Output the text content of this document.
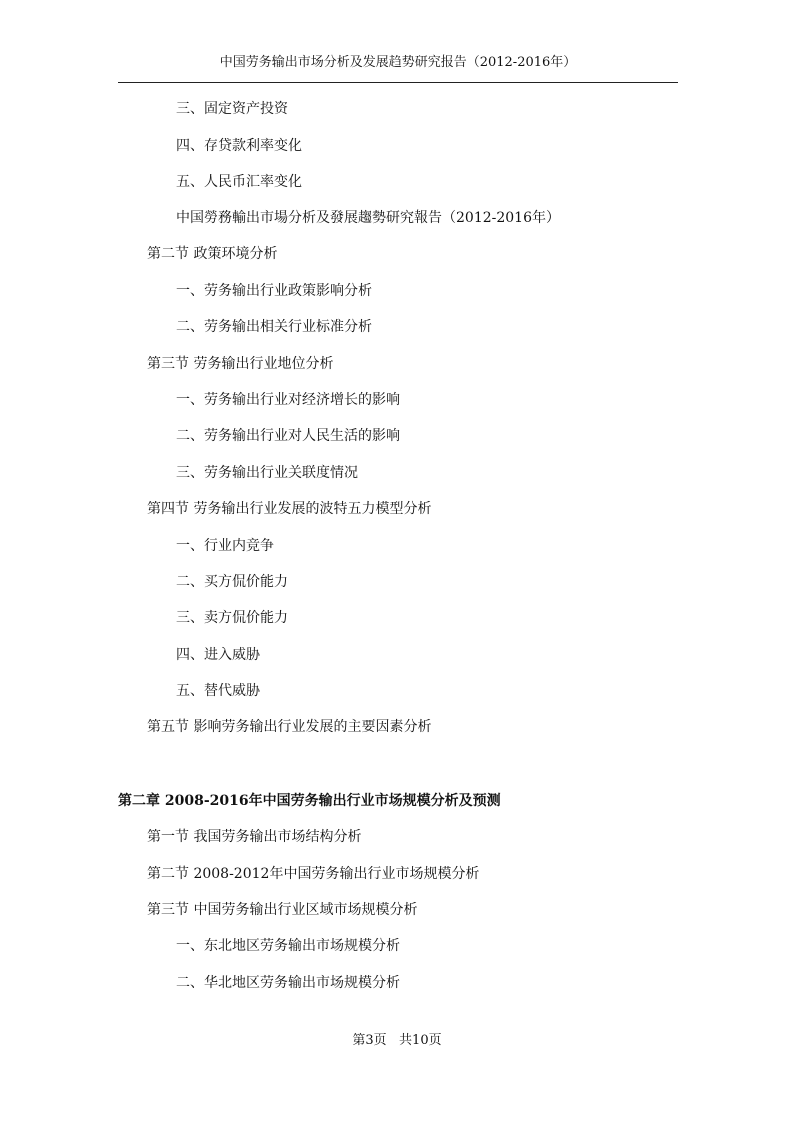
中国劳务输出市场分析及发展趋势研究报告（2012-2016年）
三、固定资产投资
四、存贷款利率变化
五、人民币汇率变化
中国勞務輸出市場分析及發展趨勢研究報告（2012-2016年）
第二节 政策环境分析
一、劳务输出行业政策影响分析
二、劳务输出相关行业标准分析
第三节 劳务输出行业地位分析
一、劳务输出行业对经济增长的影响
二、劳务输出行业对人民生活的影响
三、劳务输出行业关联度情况
第四节 劳务输出行业发展的波特五力模型分析
一、行业内竞争
二、买方侃价能力
三、卖方侃价能力
四、进入威胁
五、替代威胁
第五节 影响劳务输出行业发展的主要因素分析
第二章 2008-2016年中国劳务输出行业市场规模分析及预测
第一节 我国劳务输出市场结构分析
第二节 2008-2012年中国劳务输出行业市场规模分析
第三节 中国劳务输出行业区域市场规模分析
一、东北地区劳务输出市场规模分析
二、华北地区劳务输出市场规模分析
第3页   共10页
